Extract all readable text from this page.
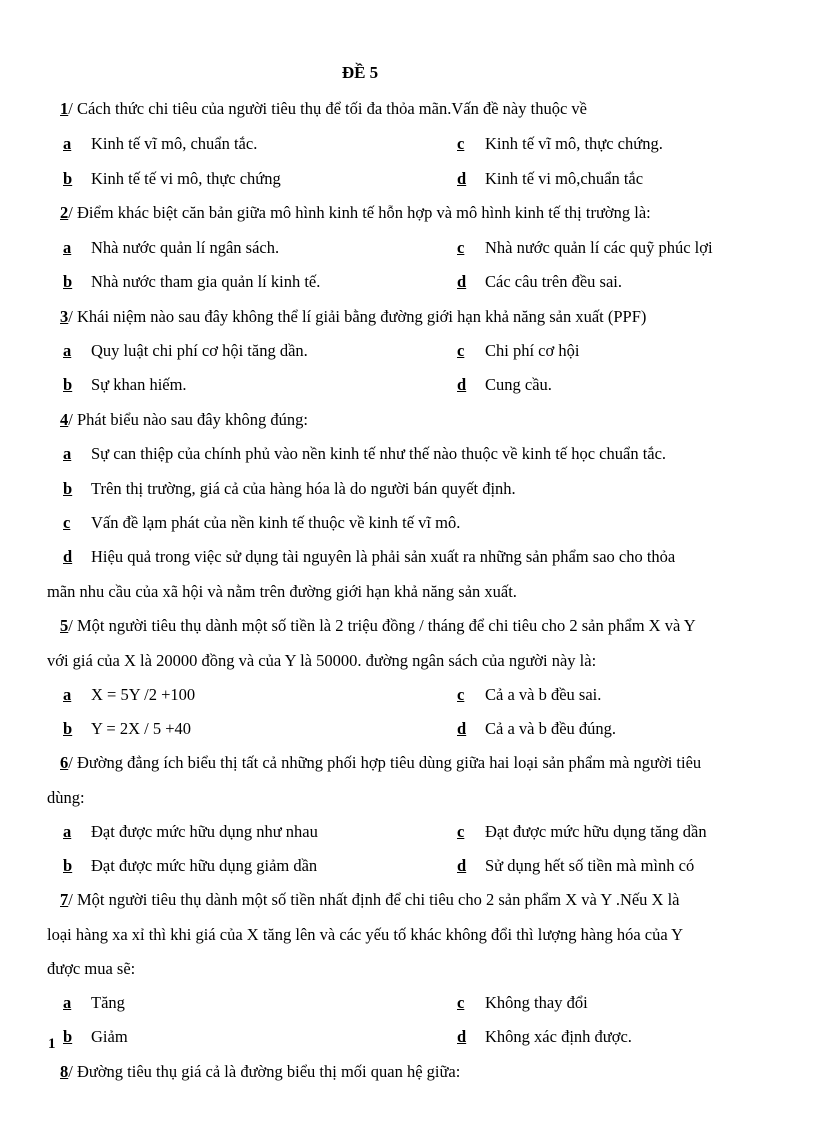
ĐỀ 5
1/ Cách thức chi tiêu của người tiêu thụ để tối đa thỏa mãn.Vấn đề này thuộc về
a Kinh tế vĩ mô, chuẩn tắc.	c Kinh tế vĩ mô, thực chứng.
b Kinh tế tế vi mô, thực chứng	d Kinh tế vi mô,chuẩn tắc
2/ Điểm khác biệt căn bản giữa mô hình kinh tế hỗn hợp và mô hình kinh tế thị trường là:
a Nhà nước quản lí ngân sách.	c Nhà nước quản lí các quỹ phúc lợi
b Nhà nước tham gia quản lí kinh tế.	d Các câu trên đều sai.
3/ Khái niệm nào sau đây không thể lí giải bằng đường giới hạn khả năng sản xuất (PPF)
a Quy luật chi phí cơ hội tăng dần.	c Chi phí cơ hội
b Sự khan hiếm.	d Cung cầu.
4/ Phát biểu nào sau đây không đúng:
a Sự can thiệp của chính phủ vào nền kinh tế như thế nào thuộc về kinh tế học chuẩn tắc.
b Trên thị trường, giá cả của hàng hóa là do người bán quyết định.
c Vấn đề lạm phát của nền kinh tế thuộc về kinh tế vĩ mô.
d Hiệu quả trong việc sử dụng tài nguyên là phải sản xuất ra những sản phẩm sao cho thỏa
mãn nhu cầu của xã hội và nằm trên đường giới hạn khả năng sản xuất.
5/ Một người tiêu thụ dành một số tiền là 2 triệu đồng / tháng để chi tiêu cho 2 sản phẩm X và Y
với giá của X là 20000 đồng và của Y là 50000. đường ngân sách của người này là:
a X = 5Y /2 +100	c Cả a và b đều sai.
b Y = 2X / 5 +40	d Cả a và b đều đúng.
6/ Đường đẳng ích biểu thị tất cả những phối hợp tiêu dùng giữa hai loại sản phẩm mà người tiêu
dùng:
a Đạt được mức hữu dụng như nhau	c Đạt được mức hữu dụng tăng dần
b Đạt được mức hữu dụng giảm dần	d Sử dụng hết số tiền mà mình có
7/ Một người tiêu thụ dành một số tiền nhất định để chi tiêu cho 2 sản phẩm X và Y .Nếu X là
loại hàng xa xỉ thì khi giá của X tăng lên và các yếu tố khác không đổi thì lượng hàng hóa của Y
được mua sẽ:
a Tăng	c Không thay đổi
b Giảm	d Không xác định được.
1
8/ Đường tiêu thụ giá cả là đường biểu thị mối quan hệ giữa:
